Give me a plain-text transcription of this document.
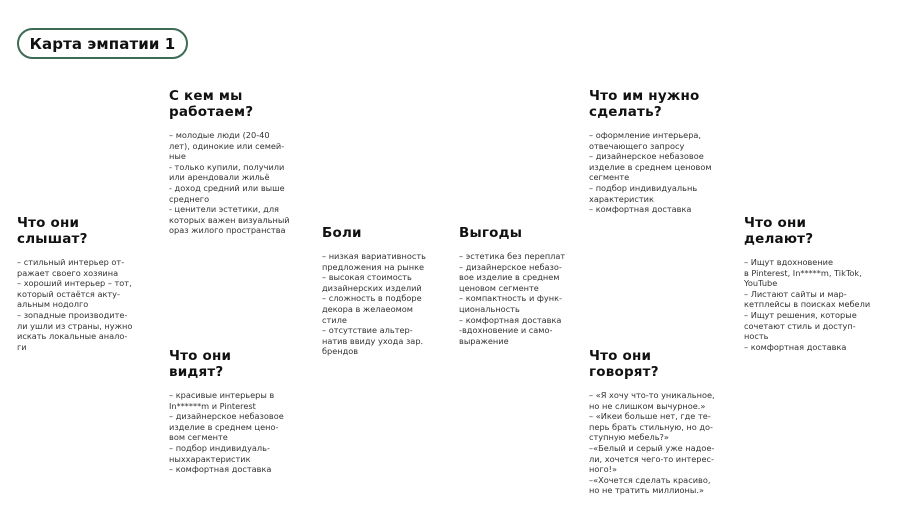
Карта эмпатии 1
С кем мы
работаем?
– молодые люди (20-40
лет), одинокие или семей-
ные
- только купили, получили
или арендовали жильё
- доход средний или выше
среднего
- ценители эстетики, для
которых важен визуальный
ораз жилого пространства
Что им нужно
сделать?
– оформление интерьера,
отвечающего запросу
– дизайнерское небазовое
изделие в среднем ценовом
сегменте
– подбор индивидуальнь
характеристик
– комфортная доставка
Что они
слышат?
– стильный интерьер от-
ражает своего хозяина
– хороший интерьер – тот,
который остаётся акту-
альным нодолго
– зопадные производите-
ли ушли из страны, нужно
искать локальные анало-
ги
Боли
– низкая вариативность
предложения на рынке
– высокая стоимость
дизайнерских изделий
– сложность в подборе
декора в желаеомом
стиле
– отсутствие альтер-
натив ввиду ухода зар.
брендов
Выгоды
– эстетика без переплат
– дизайнерское небазо-
вое изделие в среднем
ценовом сегменте
– компактность и функ-
циональность
– комфортная доставка
-вдохновение и само-
выражение
Что они
делают?
– Ищут вдохновение
в Pinterest, In*****m, TikTok,
YouTube
– Листают сайты и мар-
кетплейсы в поисках мебели
– Ищут решения, которые
сочетают стиль и доступ-
ность
– комфортная доставка
Что они
видят?
– красивые интерьеры в
In******m и Pinterest
– дизайнерское небазовое
изделие в среднем цено-
вом сегменте
– подбор индивидуаль-
ныххарактеристик
– комфортная доставка
Что они
говорят?
– «Я хочу что-то уникальное,
но не слишком вычурное.»
– «Икеи больше нет, где те-
перь брать стильную, но до-
ступную мебель?»
–«Белый и серый уже надое-
ли, хочется чего-то интерес-
ного!»
–«Хочется сделать красиво,
но не тратить миллионы.»
